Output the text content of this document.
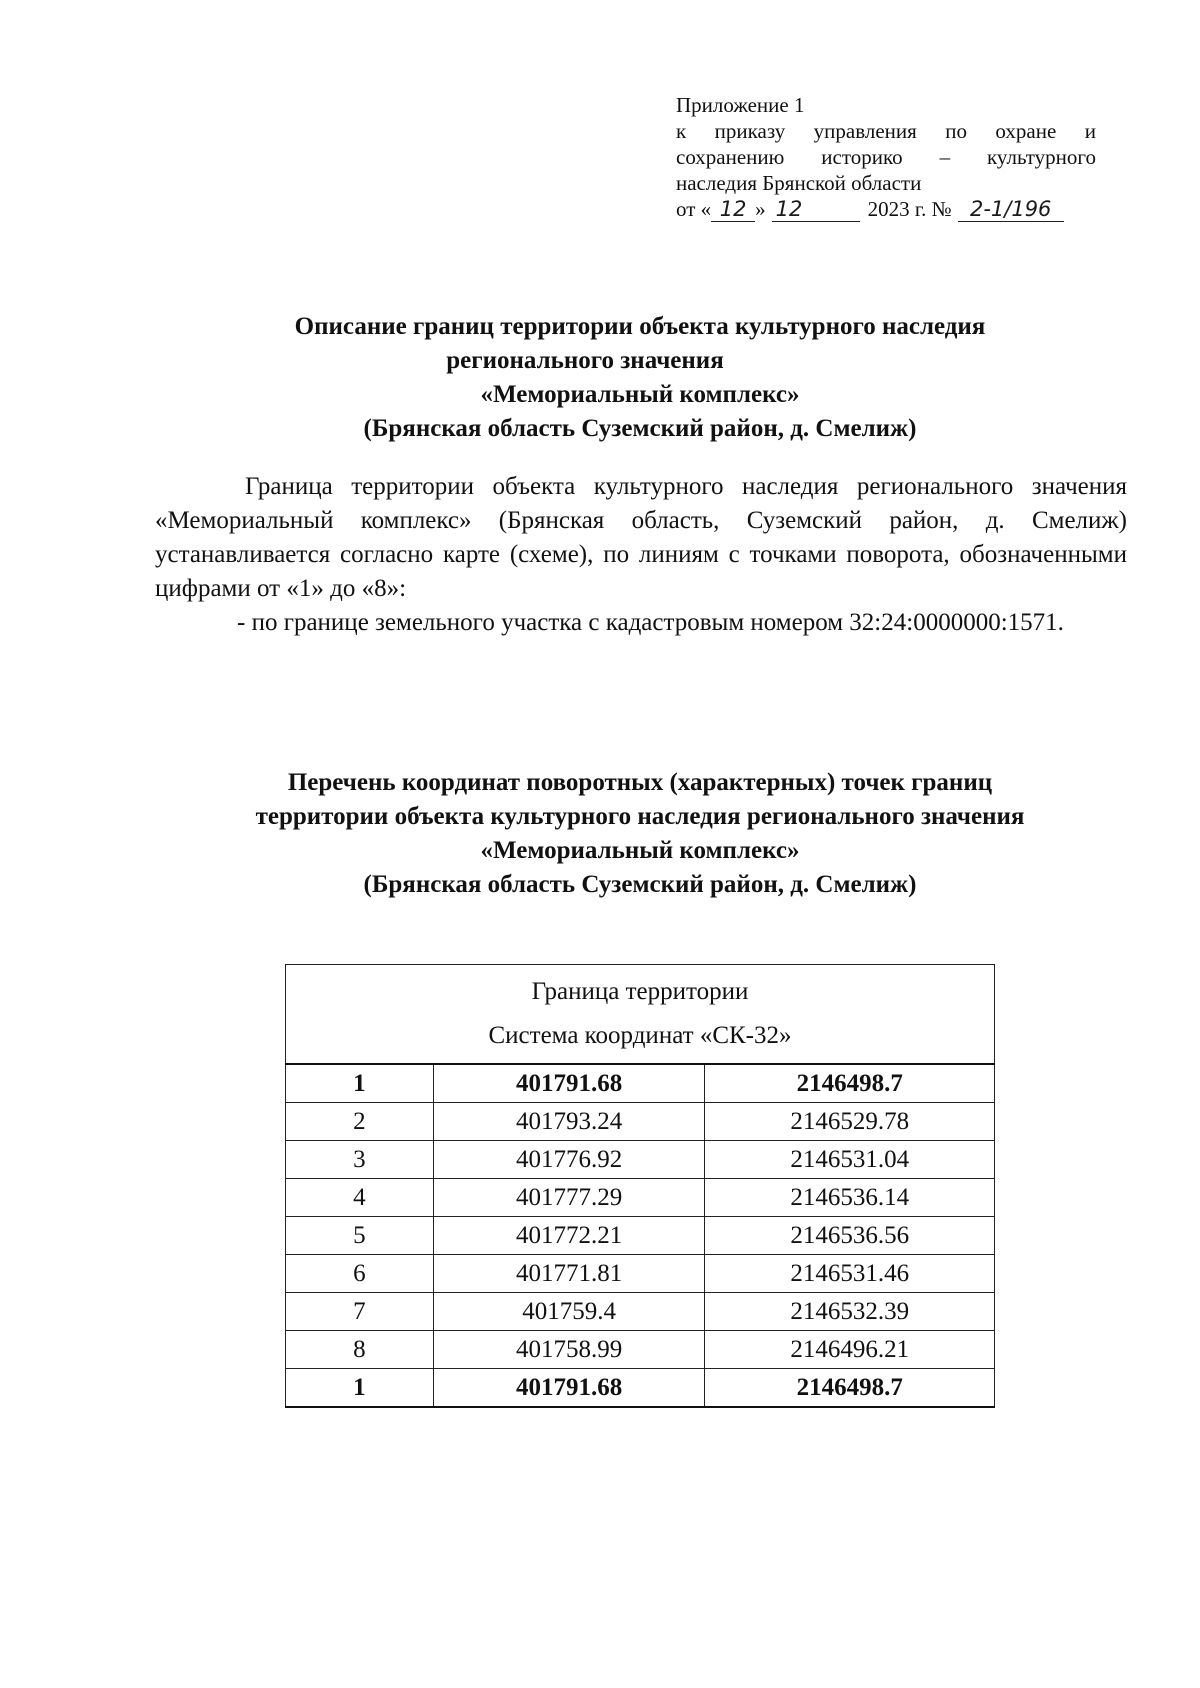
Приложение 1
к приказу управления по охране и
сохранению историко – культурного
наследия Брянской области
от « 12 » 12	2023 г. № 2-1/196
Описание границ территории объекта культурного наследия
регионального значения
«Мемориальный комплекс»
(Брянская область Суземский район, д. Смелиж)

Граница территории объекта культурного наследия регионального значения «Мемориальный комплекс» (Брянская область, Суземский район, д. Смелиж) устанавливается согласно карте (схеме), по линиям с точками поворота, обозначенными цифрами от «1» до «8»:

- по границе земельного участка с кадастровым номером 32:24:0000000:1571.

Перечень координат поворотных (характерных) точек границ
территории объекта культурного наследия регионального значения
«Мемориальный комплекс»
(Брянская область Суземский район, д. Смелиж)
Граница территории
Система координат «СК-32»		

1	401791.68	2146498.7
2	401793.24	2146529.78
3	401776.92	2146531.04
4	401777.29	2146536.14
5	401772.21	2146536.56
6	401771.81	2146531.46
7	401759.4	2146532.39
8	401758.99	2146496.21
1	401791.68	2146498.7
